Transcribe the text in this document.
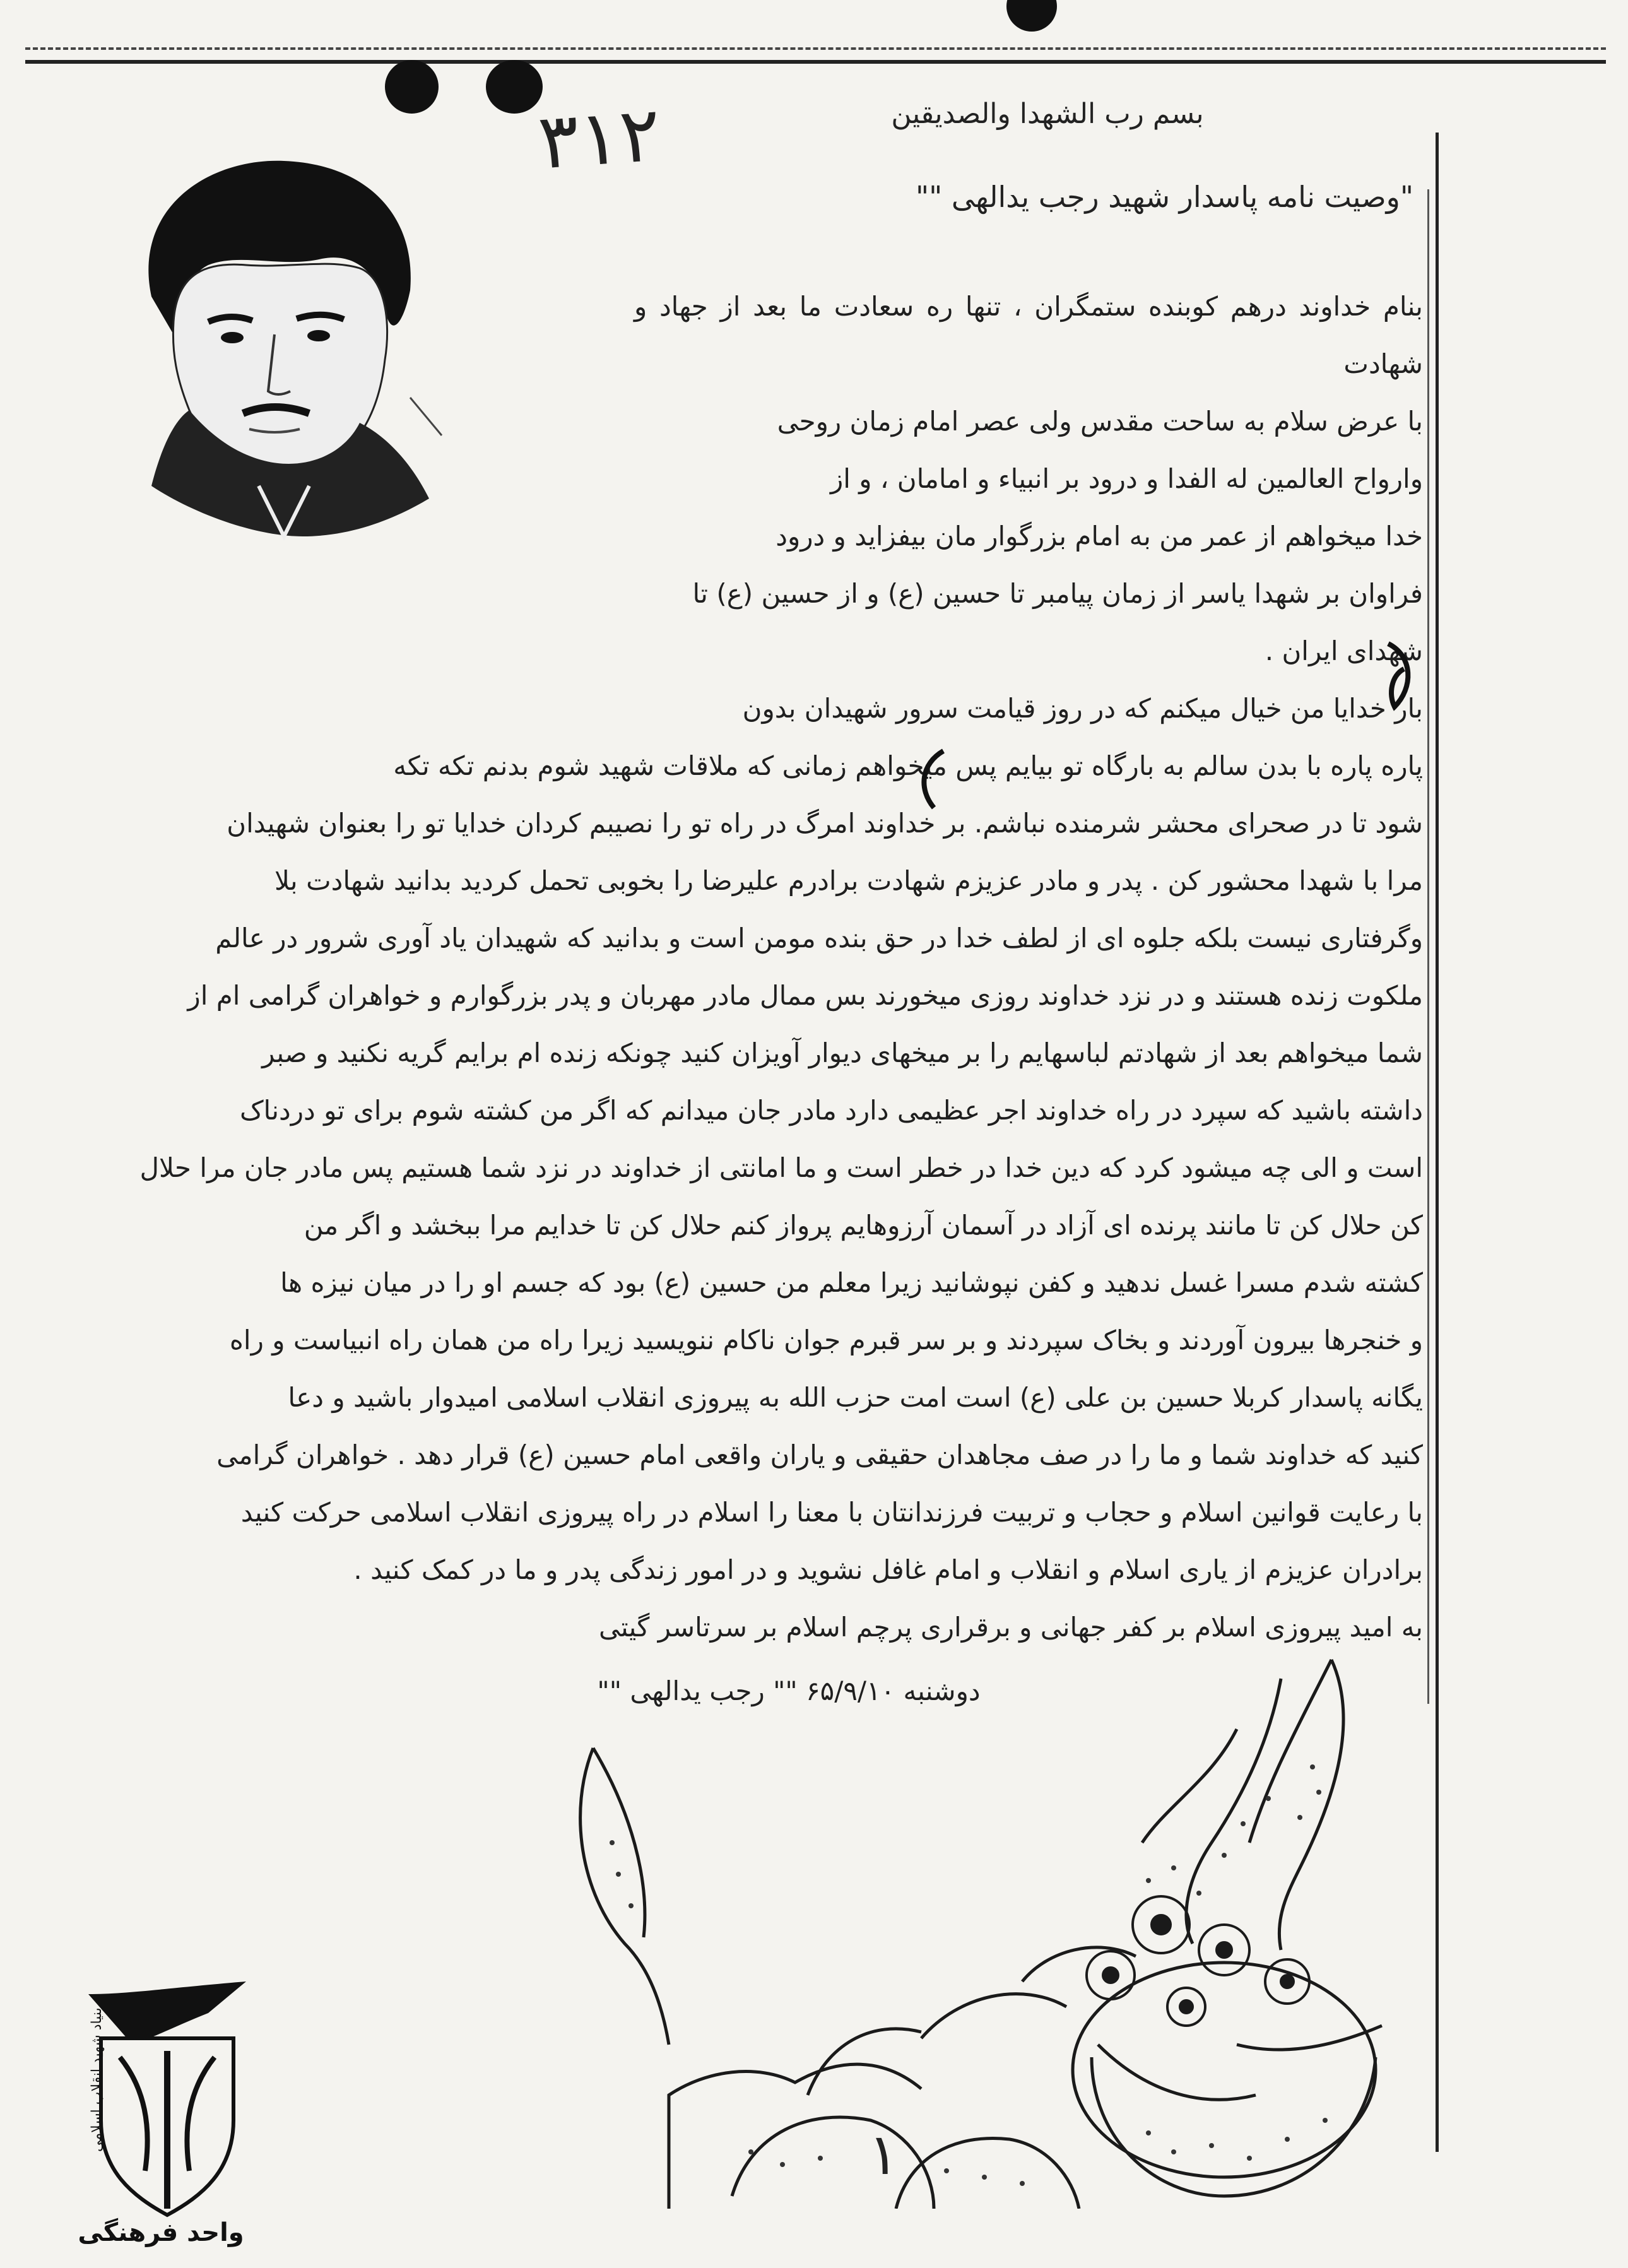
۳۱۲	بسم رب الشهدا والصدیقین
"وصیت نامه پاسدار شهید رجب یدالهی ""

بنام خداوند درهم کوبنده ستمگران ، تنها ره سعادت ما بعد از جهاد و شهادت

با عرض سلام به ساحت مقدس ولی عصر امام زمان روحی

وارواح العالمین له الفدا و درود بر انبیاء و امامان ، و از

خدا میخواهم از عمر من به امام بزرگوار مان بیفزاید و درود

فراوان بر شهدا یاسر از زمان پیامبر تا حسین (ع) و از حسین (ع) تا

شهدای ایران .

بار خدایا من خیال میکنم که در روز قیامت سرور شهیدان بدون

پاره پاره با بدن سالم به بارگاه تو بیایم پس میخواهم زمانی که ملاقات شهید شوم بدنم تکه تکه

شود تا در صحرای محشر شرمنده نباشم. بر خداوند امرگ در راه تو را نصیبم کردان خدایا تو را بعنوان شهیدان

مرا با شهدا محشور کن . پدر و مادر عزیزم شهادت برادرم علیرضا را بخوبی تحمل کردید بدانید شهادت بلا

وگرفتاری نیست بلکه جلوه ای از لطف خدا در حق بنده مومن است و بدانید که شهیدان یاد آوری شرور در عالم

ملکوت زنده هستند و در نزد خداوند روزی میخورند بس ممال مادر مهربان و پدر بزرگوارم و خواهران گرامی ام از

شما میخواهم بعد از شهادتم لباسهایم را بر میخهای دیوار آویزان کنید چونکه زنده ام برایم گریه نکنید و صبر

داشته باشید که سپرد در راه خداوند اجر عظیمی دارد مادر جان میدانم که اگر من کشته شوم برای تو دردناک

است و الی چه میشود کرد که دین خدا در خطر است و ما امانتی از خداوند در نزد شما هستیم پس مادر جان مرا حلال

کن حلال کن تا مانند پرنده ای آزاد در آسمان آرزوهایم پرواز کنم حلال کن تا خدایم مرا ببخشد و اگر من

کشته شدم مسرا غسل ندهید و کفن نپوشانید زیرا معلم من حسین (ع) بود که جسم او را در میان نیزه ها

و خنجرها بیرون آوردند و بخاک سپردند و بر سر قبرم جوان ناکام ننویسید زیرا راه من همان راه انبیاست و راه

یگانه پاسدار کربلا حسین بن علی (ع) است امت حزب الله به پیروزی انقلاب اسلامی امیدوار باشید و دعا

کنید که خداوند شما و ما را در صف مجاهدان حقیقی و یاران واقعی امام حسین (ع) قرار دهد . خواهران گرامی

با رعایت قوانین اسلام و حجاب و تربیت فرزندانتان با معنا را اسلام در راه پیروزی انقلاب اسلامی حرکت کنید

برادران عزیزم از یاری اسلام و انقلاب و امام غافل نشوید و در امور زندگی پدر و ما در کمک کنید .

به امید پیروزی اسلام بر کفر جهانی و برقراری پرچم اسلام بر سرتاسر گیتی

دوشنبه ۶۵/۹/۱۰ "" رجب یدالهی ""
۱
بنیاد شهید انقلاب اسلامی
واحد فرهنگی
